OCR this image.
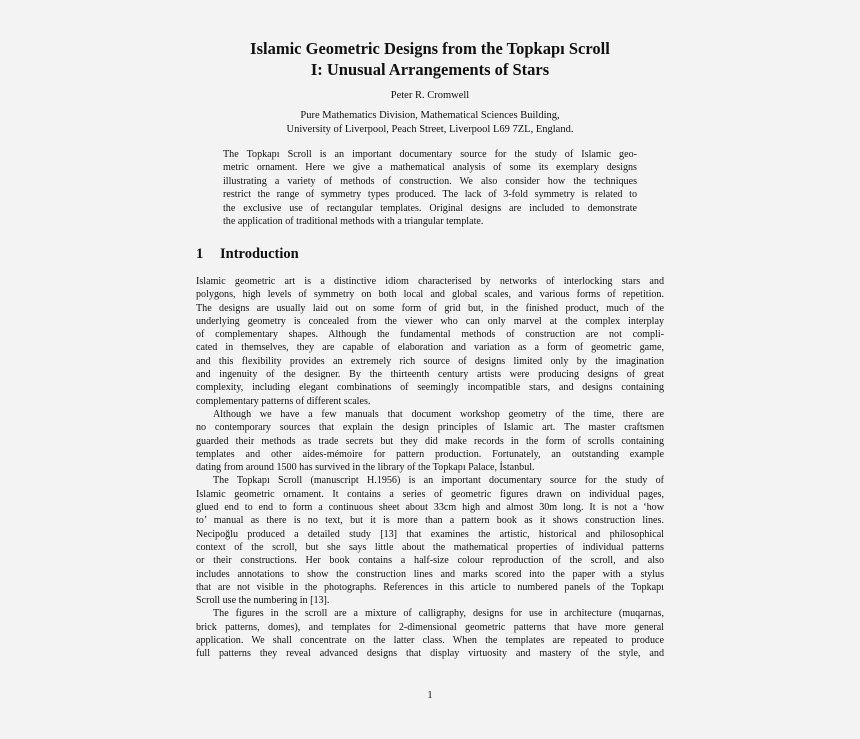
Islamic Geometric Designs from the Topkapı Scroll
I: Unusual Arrangements of Stars
Peter R. Cromwell
Pure Mathematics Division, Mathematical Sciences Building,
University of Liverpool, Peach Street, Liverpool L69 7ZL, England.
The Topkapı Scroll is an important documentary source for the study of Islamic geo-
metric ornament. Here we give a mathematical analysis of some its exemplary designs
illustrating a variety of methods of construction. We also consider how the techniques
restrict the range of symmetry types produced. The lack of 3-fold symmetry is related to
the exclusive use of rectangular templates. Original designs are included to demonstrate
the application of traditional methods with a triangular template.
1 Introduction
Islamic geometric art is a distinctive idiom characterised by networks of interlocking stars and
polygons, high levels of symmetry on both local and global scales, and various forms of repetition.
The designs are usually laid out on some form of grid but, in the finished product, much of the
underlying geometry is concealed from the viewer who can only marvel at the complex interplay
of complementary shapes. Although the fundamental methods of construction are not compli-
cated in themselves, they are capable of elaboration and variation as a form of geometric game,
and this flexibility provides an extremely rich source of designs limited only by the imagination
and ingenuity of the designer. By the thirteenth century artists were producing designs of great
complexity, including elegant combinations of seemingly incompatible stars, and designs containing
complementary patterns of different scales.
Although we have a few manuals that document workshop geometry of the time, there are
no contemporary sources that explain the design principles of Islamic art. The master craftsmen
guarded their methods as trade secrets but they did make records in the form of scrolls containing
templates and other aides-mémoire for pattern production. Fortunately, an outstanding example
dating from around 1500 has survived in the library of the Topkapı Palace, İstanbul.
The Topkapı Scroll (manuscript H.1956) is an important documentary source for the study of
Islamic geometric ornament. It contains a series of geometric figures drawn on individual pages,
glued end to end to form a continuous sheet about 33cm high and almost 30m long. It is not a ‘how
to’ manual as there is no text, but it is more than a pattern book as it shows construction lines.
Necipoğlu produced a detailed study [13] that examines the artistic, historical and philosophical
context of the scroll, but she says little about the mathematical properties of individual patterns
or their constructions. Her book contains a half-size colour reproduction of the scroll, and also
includes annotations to show the construction lines and marks scored into the paper with a stylus
that are not visible in the photographs. References in this article to numbered panels of the Topkapı
Scroll use the numbering in [13].
The figures in the scroll are a mixture of calligraphy, designs for use in architecture (muqarnas,
brick patterns, domes), and templates for 2-dimensional geometric patterns that have more general
application. We shall concentrate on the latter class. When the templates are repeated to produce
full patterns they reveal advanced designs that display virtuosity and mastery of the style, and
1
